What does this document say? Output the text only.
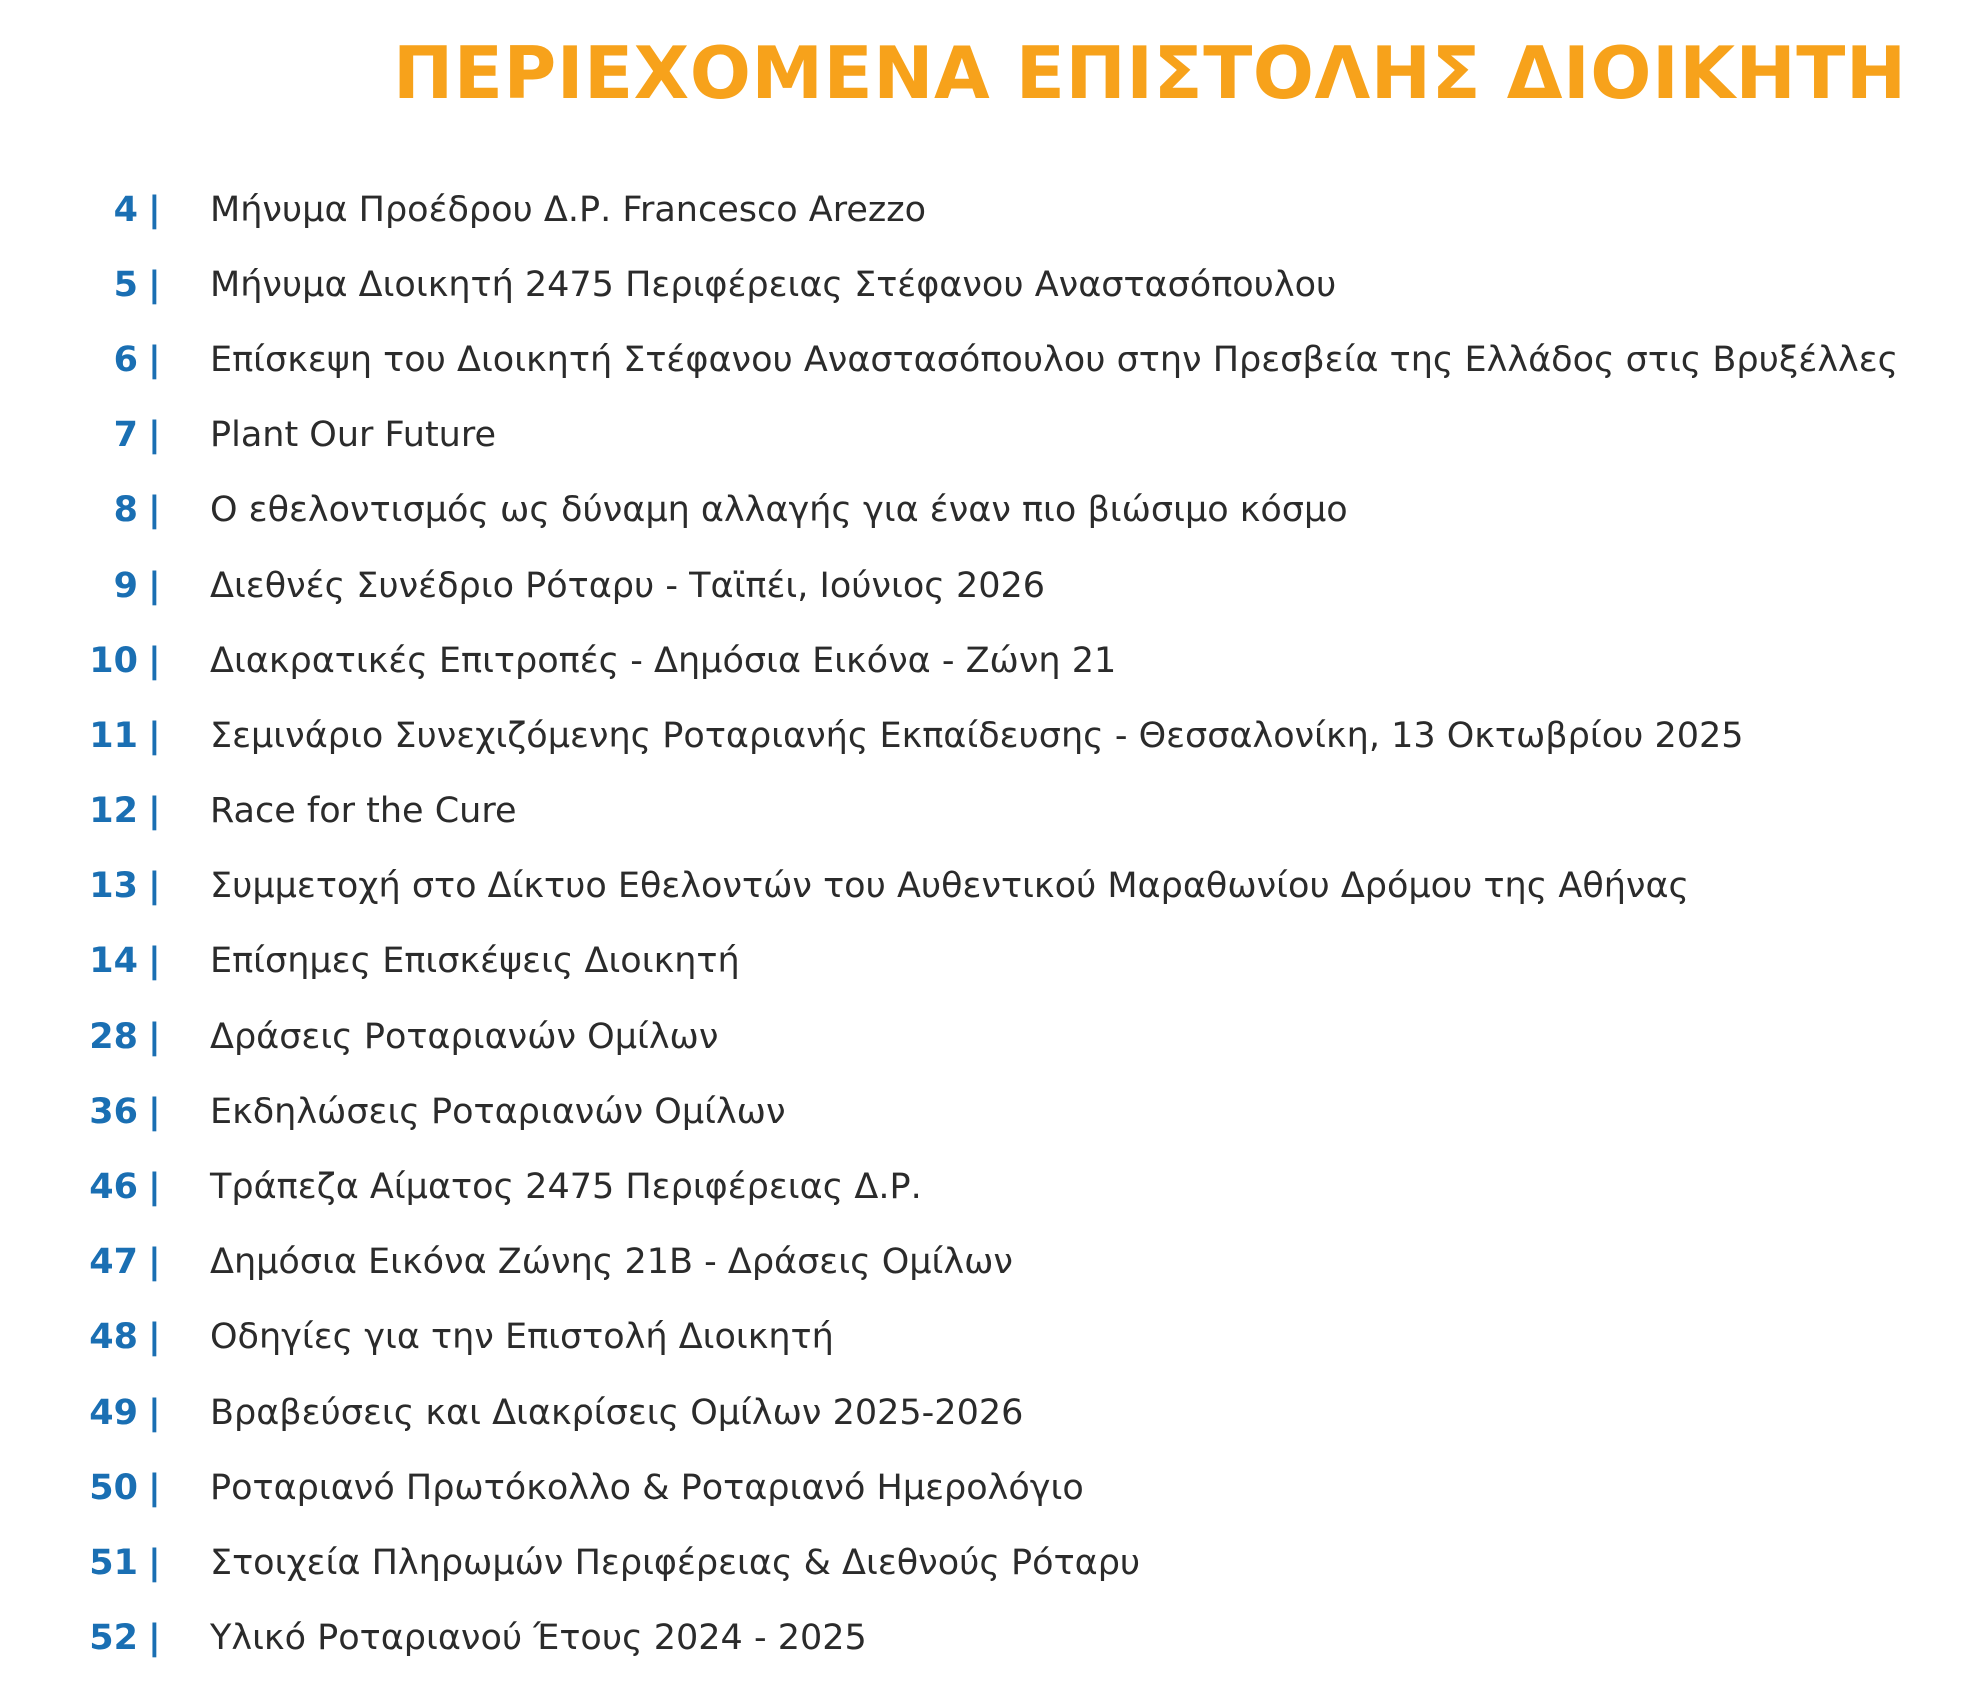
ΠΕΡΙΕΧΟΜΕΝΑ ΕΠΙΣΤΟΛΗΣ ΔΙΟΙΚΗΤΗ
4 | Μήνυμα Προέδρου Δ.Ρ. Francesco Arezzo
5 | Μήνυμα Διοικητή 2475 Περιφέρειας Στέφανου Αναστασόπουλου
6 | Επίσκεψη του Διοικητή Στέφανου Αναστασόπουλου στην Πρεσβεία της Ελλάδος στις Βρυξέλλες
7 | Plant Our Future
8 | Ο εθελοντισμός ως δύναμη αλλαγής για έναν πιο βιώσιμο κόσμο
9 | Διεθνές Συνέδριο Ρόταρυ - Ταϊπέι, Ιούνιος 2026
10 | Διακρατικές Επιτροπές - Δημόσια Εικόνα - Ζώνη 21
11 | Σεμινάριο Συνεχιζόμενης Ροταριανής Εκπαίδευσης - Θεσσαλονίκη, 13 Οκτωβρίου 2025
12 | Race for the Cure
13 | Συμμετοχή στο Δίκτυο Εθελοντών του Αυθεντικού Μαραθωνίου Δρόμου της Αθήνας
14 | Επίσημες Επισκέψεις Διοικητή
28 | Δράσεις Ροταριανών Ομίλων
36 | Εκδηλώσεις Ροταριανών Ομίλων
46 | Τράπεζα Αίματος 2475 Περιφέρειας Δ.Ρ.
47 | Δημόσια Εικόνα Ζώνης 21Β - Δράσεις Ομίλων
48 | Οδηγίες για την Επιστολή Διοικητή
49 | Βραβεύσεις και Διακρίσεις Ομίλων 2025-2026
50 | Ροταριανό Πρωτόκολλο & Ροταριανό Ημερολόγιο
51 | Στοιχεία Πληρωμών Περιφέρειας & Διεθνούς Ρόταρυ
52 | Υλικό Ροταριανού Έτους 2024 - 2025
